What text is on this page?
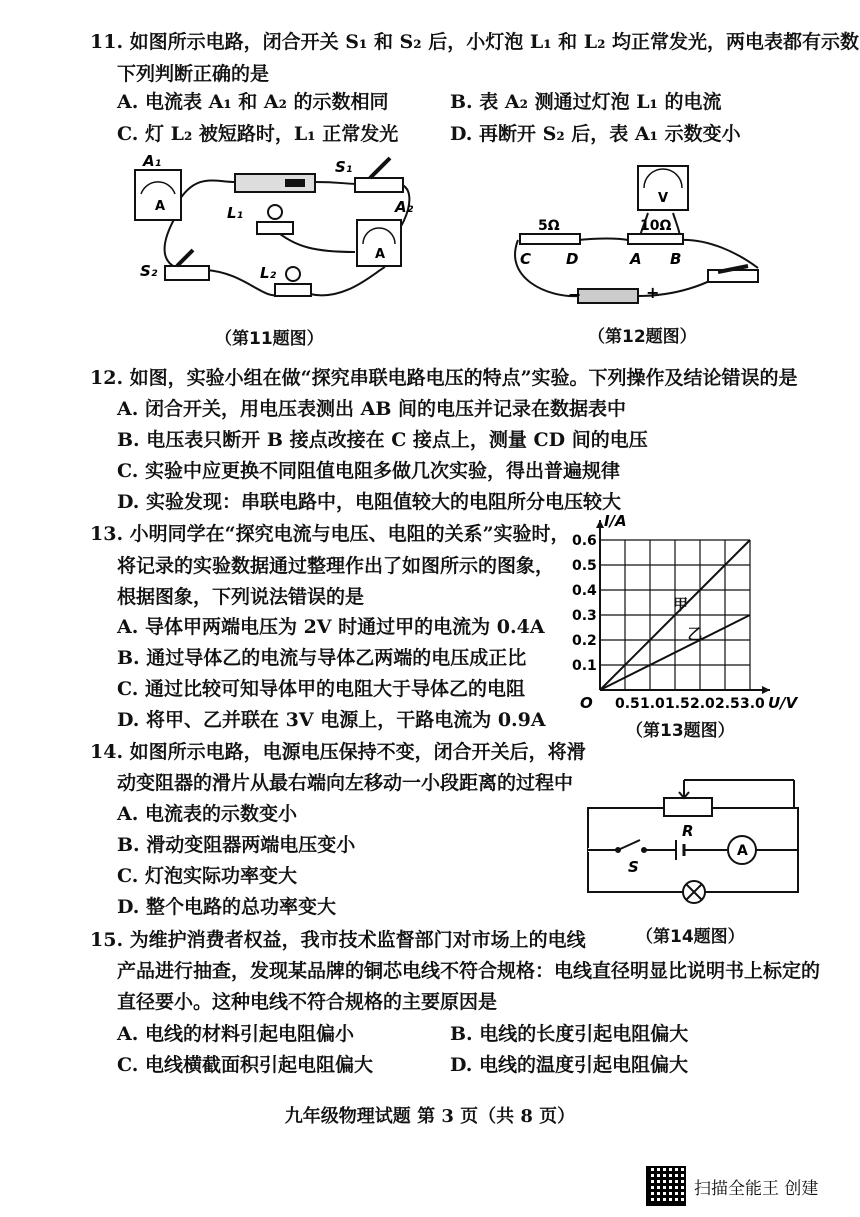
11. 如图所示电路，闭合开关 S₁ 和 S₂ 后，小灯泡 L₁ 和 L₂ 均正常发光，两电表都有示数
下列判断正确的是
A. 电流表 A₁ 和 A₂ 的示数相同	B. 表 A₂ 测通过灯泡 L₁ 的电流
C. 灯 L₂ 被短路时，L₁ 正常发光	D. 再断开 S₂ 后，表 A₁ 示数变小
A
A₁	S₁
L₁
A
A₂
S₂	L₂
（第11题图）
V
5Ω	10Ω
C D	A B
−	+
（第12题图）
12. 如图，实验小组在做“探究串联电路电压的特点”实验。下列操作及结论错误的是
A. 闭合开关，用电压表测出 AB 间的电压并记录在数据表中
B. 电压表只断开 B 接点改接在 C 接点上，测量 CD 间的电压
C. 实验中应更换不同阻值电阻多做几次实验，得出普遍规律
D. 实验发现：串联电路中，电阻值较大的电阻所分电压较大
13. 小明同学在“探究电流与电压、电阻的关系”实验时，
将记录的实验数据通过整理作出了如图所示的图象，
根据图象，下列说法错误的是
A. 导体甲两端电压为 2V 时通过甲的电流为 0.4A
B. 通过导体乙的电流与导体乙两端的电压成正比
C. 通过比较可知导体甲的电阻大于导体乙的电阻
D. 将甲、乙并联在 3V 电源上，干路电流为 0.9A
0.5 1.0 1.5 2.0 2.5 3.0
0.1
0.2
0.3
0.4
0.5
0.6
O	U/V
I/A
甲
乙
（第13题图）
14. 如图所示电路，电源电压保持不变，闭合开关后，将滑
动变阻器的滑片从最右端向左移动一小段距离的过程中
A. 电流表的示数变小
B. 滑动变阻器两端电压变小
C. 灯泡实际功率变大
D. 整个电路的总功率变大
R
S
A
（第14题图）
15. 为维护消费者权益，我市技术监督部门对市场上的电线
产品进行抽查，发现某品牌的铜芯电线不符合规格：电线直径明显比说明书上标定的
直径要小。这种电线不符合规格的主要原因是
A. 电线的材料引起电阻偏小	B. 电线的长度引起电阻偏大
C. 电线横截面积引起电阻偏大	D. 电线的温度引起电阻偏大
九年级物理试题 第 3 页（共 8 页）
扫描全能王 创建
